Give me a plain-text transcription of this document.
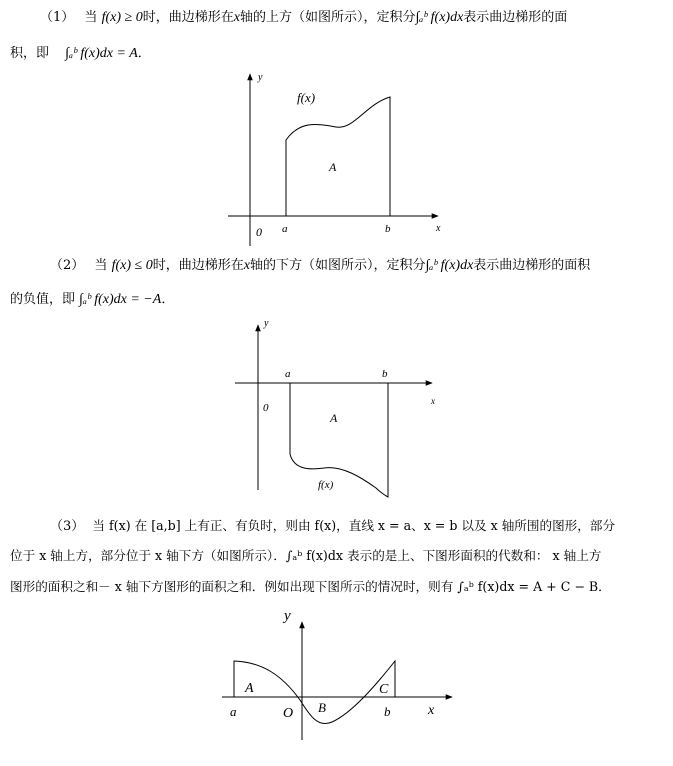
（1） 当 f(x) ≥ 0时，曲边梯形在x轴的上方（如图所示），定积分∫ₐᵇ f(x)dx表示曲边梯形的面
积，即 ∫ₐᵇ f(x)dx = A．
（2） 当 f(x) ≤ 0时，曲边梯形在x轴的下方（如图所示），定积分∫ₐᵇ f(x)dx表示曲边梯形的面积
的负值，即 ∫ₐᵇ f(x)dx = −A．
（3） 当 f(x) 在 [a,b] 上有正、有负时，则由 f(x)，直线 x = a、x = b 以及 x 轴所围的图形，部分
位于 x 轴上方，部分位于 x 轴下方（如图所示）．∫ₐᵇ f(x)dx 表示的是上、下图形面积的代数和： x 轴上方
图形的面积之和－ x 轴下方图形的面积之和．例如出现下图所示的情况时，则有 ∫ₐᵇ f(x)dx = A + C − B．
y
f(x)
A
0 a	b	x
y
a	b
0
A
x
f(x)
y
A
a	O B
C
b	x
